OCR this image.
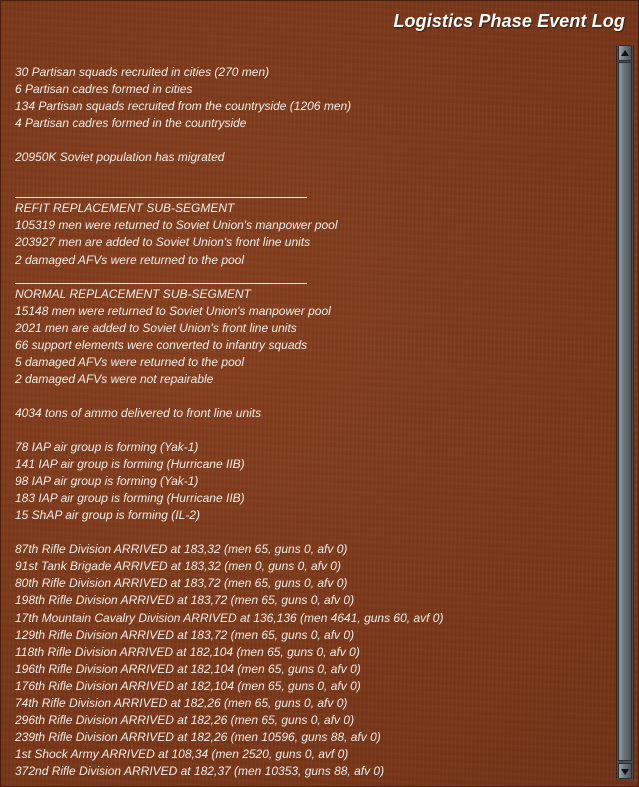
Logistics Phase Event Log
30 Partisan squads recruited in cities (270 men)
6 Partisan cadres formed in cities
134 Partisan squads recruited from the countryside (1206 men)
4 Partisan cadres formed in the countryside
20950K Soviet population has migrated
REFIT REPLACEMENT SUB-SEGMENT
105319 men were returned to Soviet Union's manpower pool
203927 men are added to Soviet Union's front line units
2 damaged AFVs were returned to the pool
NORMAL REPLACEMENT SUB-SEGMENT
15148 men were returned to Soviet Union's manpower pool
2021 men are added to Soviet Union's front line units
66 support elements were converted to infantry squads
5 damaged AFVs were returned to the pool
2 damaged AFVs were not repairable
4034 tons of ammo delivered to front line units
78 IAP air group is forming (Yak-1)
141 IAP air group is forming (Hurricane IIB)
98 IAP air group is forming (Yak-1)
183 IAP air group is forming (Hurricane IIB)
15 ShAP air group is forming (IL-2)
87th Rifle Division ARRIVED at 183,32 (men 65, guns 0, afv 0)
91st Tank Brigade ARRIVED at 183,32 (men 0, guns 0, afv 0)
80th Rifle Division ARRIVED at 183,72 (men 65, guns 0, afv 0)
198th Rifle Division ARRIVED at 183,72 (men 65, guns 0, afv 0)
17th Mountain Cavalry Division ARRIVED at 136,136 (men 4641, guns 60, avf 0)
129th Rifle Division ARRIVED at 183,72 (men 65, guns 0, afv 0)
118th Rifle Division ARRIVED at 182,104 (men 65, guns 0, afv 0)
196th Rifle Division ARRIVED at 182,104 (men 65, guns 0, afv 0)
176th Rifle Division ARRIVED at 182,104 (men 65, guns 0, afv 0)
74th Rifle Division ARRIVED at 182,26 (men 65, guns 0, afv 0)
296th Rifle Division ARRIVED at 182,26 (men 65, guns 0, afv 0)
239th Rifle Division ARRIVED at 182,26 (men 10596, guns 88, afv 0)
1st Shock Army ARRIVED at 108,34 (men 2520, guns 0, avf 0)
372nd Rifle Division ARRIVED at 182,37 (men 10353, guns 88, afv 0)
